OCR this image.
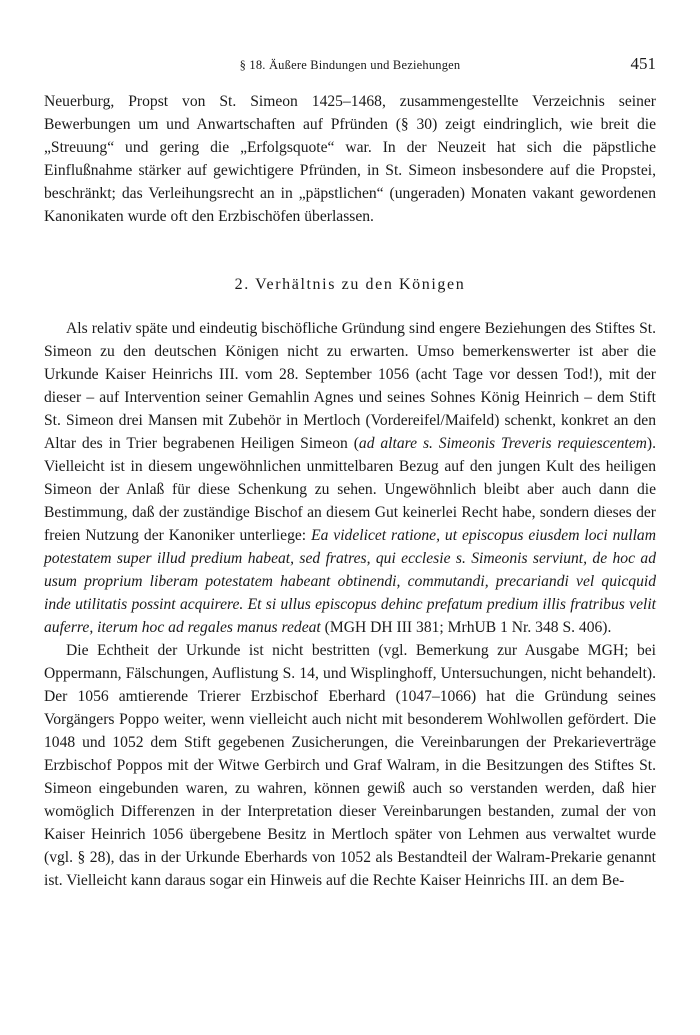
§ 18. Äußere Bindungen und Beziehungen	451

Neuerburg, Propst von St. Simeon 1425–1468, zusammengestellte Verzeichnis seiner Bewerbungen um und Anwartschaften auf Pfründen (§ 30) zeigt eindringlich, wie breit die „Streuung“ und gering die „Erfolgsquote“ war. In der Neuzeit hat sich die päpstliche Einflußnahme stärker auf gewichtigere Pfründen, in St. Simeon insbesondere auf die Propstei, beschränkt; das Verleihungsrecht an in „päpstlichen“ (ungeraden) Monaten vakant gewordenen Kanonikaten wurde oft den Erzbischöfen überlassen.

2. Verhältnis zu den Königen

Als relativ späte und eindeutig bischöfliche Gründung sind engere Beziehungen des Stiftes St. Simeon zu den deutschen Königen nicht zu erwarten. Umso bemerkenswerter ist aber die Urkunde Kaiser Heinrichs III. vom 28. September 1056 (acht Tage vor dessen Tod!), mit der dieser – auf Intervention seiner Gemahlin Agnes und seines Sohnes König Heinrich – dem Stift St. Simeon drei Mansen mit Zubehör in Mertloch (Vordereifel/Maifeld) schenkt, konkret an den Altar des in Trier begrabenen Heiligen Simeon (ad altare s. Simeonis Treveris requiescentem). Vielleicht ist in diesem ungewöhnlichen unmittelbaren Bezug auf den jungen Kult des heiligen Simeon der Anlaß für diese Schenkung zu sehen. Ungewöhnlich bleibt aber auch dann die Bestimmung, daß der zuständige Bischof an diesem Gut keinerlei Recht habe, sondern dieses der freien Nutzung der Kanoniker unterliege: Ea videlicet ratione, ut episcopus eiusdem loci nullam potestatem super illud predium habeat, sed fratres, qui ecclesie s. Simeonis serviunt, de hoc ad usum proprium liberam potestatem habeant obtinendi, commutandi, precariandi vel quicquid inde utilitatis possint acquirere. Et si ullus episcopus dehinc prefatum predium illis fratribus velit auferre, iterum hoc ad regales manus redeat (MGH DH III 381; MrhUB 1 Nr. 348 S. 406).

Die Echtheit der Urkunde ist nicht bestritten (vgl. Bemerkung zur Ausgabe MGH; bei Oppermann, Fälschungen, Auflistung S. 14, und Wisplinghoff, Untersuchungen, nicht behandelt). Der 1056 amtierende Trierer Erzbischof Eberhard (1047–1066) hat die Gründung seines Vorgängers Poppo weiter, wenn vielleicht auch nicht mit besonderem Wohlwollen gefördert. Die 1048 und 1052 dem Stift gegebenen Zusicherungen, die Vereinbarungen der Prekarieverträge Erzbischof Poppos mit der Witwe Gerbirch und Graf Walram, in die Besitzungen des Stiftes St. Simeon eingebunden waren, zu wahren, können gewiß auch so verstanden werden, daß hier womöglich Differenzen in der Interpretation dieser Vereinbarungen bestanden, zumal der von Kaiser Heinrich 1056 übergebene Besitz in Mertloch später von Lehmen aus verwaltet wurde (vgl. § 28), das in der Urkunde Eberhards von 1052 als Bestandteil der Walram-Prekarie genannt ist. Vielleicht kann daraus sogar ein Hinweis auf die Rechte Kaiser Heinrichs III. an dem Be-
